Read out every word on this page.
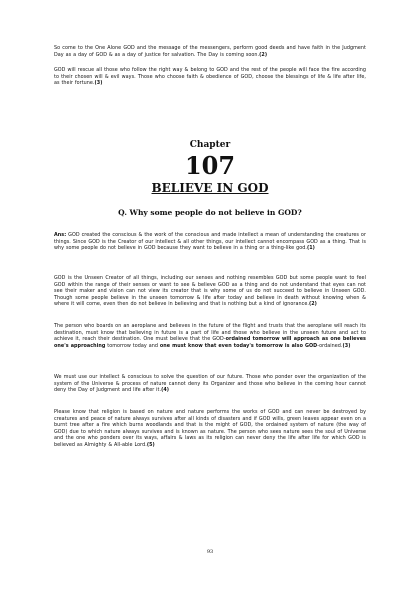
So come to the One Alone GOD and the message of the messengers, perform good deeds and have faith in the Judgment Day as a day of GOD & as a day of justice for salvation. The Day is coming soon.(2)

GOD will rescue all those who follow the right way & belong to GOD and the rest of the people will face the fire according to their chosen will & evil ways. Those who choose faith & obedience of GOD, choose the blessings of life & life after life, as their fortune.(3)

Chapter
107
BELIEVE IN GOD
Q. Why some people do not believe in GOD?

Ans: GOD created the conscious & the work of the conscious and made intellect a mean of understanding the creatures or things. Since GOD is the Creator of our intellect & all other things, our intellect cannot encompass GOD as a thing. That is why some people do not believe in GOD because they want to believe in a thing or a thing-like god.(1)

GOD is the Unseen Creator of all things, including our senses and nothing resembles GOD but some people want to feel GOD within the range of their senses or want to see & believe GOD as a thing and do not understand that eyes can not see their maker and vision can not view its creator that is why some of us do not succeed to believe in Unseen GOD. Though some people believe in the unseen tomorrow & life after today and believe in death without knowing when & where it will come, even then do not believe in believing and that is nothing but a kind of ignorance.(2)

The person who boards on an aeroplane and believes in the future of the flight and trusts that the aeroplane will reach its destination, must know that believing in future is a part of life and those who believe in the unseen future and act to achieve it, reach their destination. One must believe that the GOD-ordained tomorrow will approach as one believes one's approaching tomorrow today and one must know that even today's tomorrow is also GOD-ordained.(3)

We must use our intellect & conscious to solve the question of our future. Those who ponder over the organization of the system of the Universe & process of nature cannot deny its Organizer and those who believe in the coming hour cannot deny the Day of Judgment and life after it.(4)

Please know that religion is based on nature and nature performs the works of GOD and can never be destroyed by creatures and peace of nature always survives after all kinds of disasters and if GOD wills, green leaves appear even on a burnt tree after a fire which burns woodlands and that is the might of GOD, the ordained system of nature (the way of GOD) due to which nature always survives and is known as nature. The person who sees nature sees the soul of Universe and the one who ponders over its ways, affairs & laws as its religion can never deny the life after life for which GOD is believed as Almighty & All-able Lord.(5)

93
